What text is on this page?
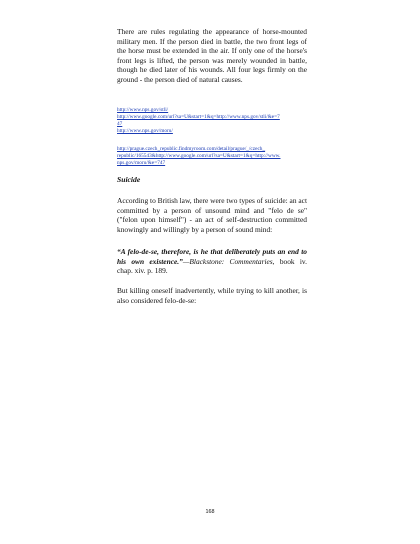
There are rules regulating the appearance of horse-mounted military men. If the person died in battle, the two front legs of the horse must be extended in the air. If only one of the horse's front legs is lifted, the person was merely wounded in battle, though he died later of his wounds. All four legs firmly on the ground - the person died of natural causes.

http://www.nps.gov/stli/
http://www.google.com/url?sa=U&start=1&q=http://www.nps.gov/stli/&e=7
47
http://www.nps.gov/moru/
http://prague.czech_republic.findmyroom.com/detail/prague/_/czech_
republic/165543&http://www.google.com/url?sa=U&start=1&q=http://www.
nps.gov/moru/&e=747
Suicide

According to British law, there were two types of suicide: an act committed by a person of unsound mind and "felo de se" ("felon upon himself") - an act of self-destruction committed knowingly and willingly by a person of sound mind:

“A felo-de-se, therefore, is he that deliberately puts an end to his own existence.”—Blackstone: Commentaries, book iv. chap. xiv. p. 189.

But killing oneself inadvertently, while trying to kill another, is also considered felo-de-se:

168
